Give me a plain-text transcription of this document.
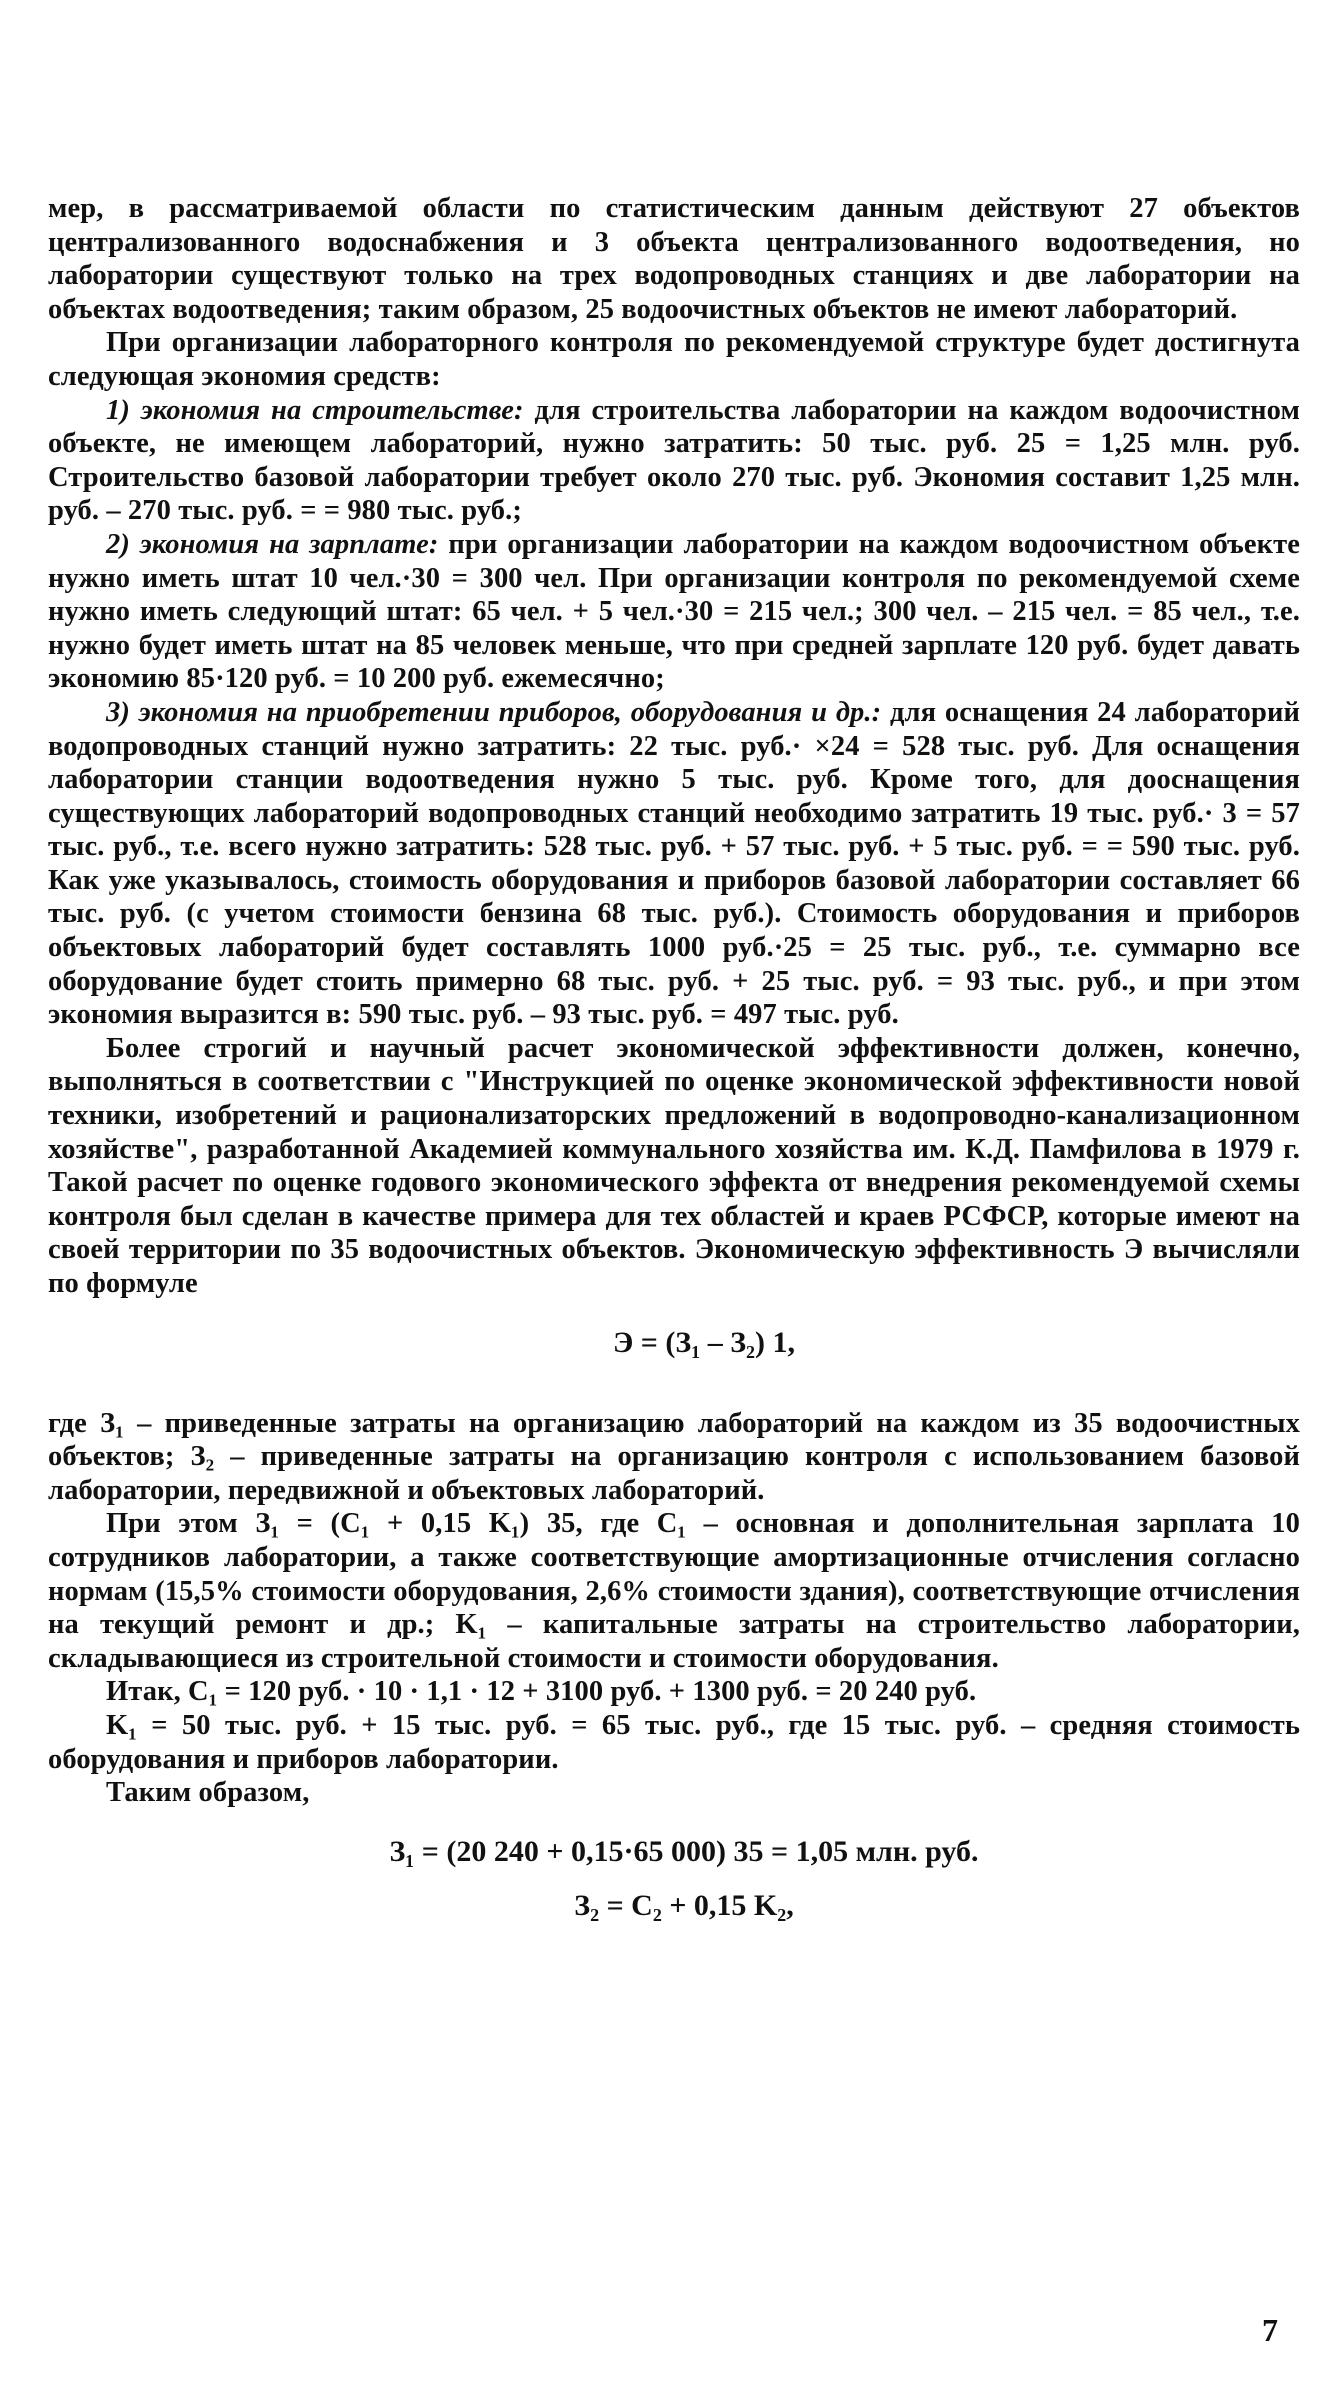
мер, в рассматриваемой области по статистическим данным действуют 27 объектов централизованного водоснабжения и 3 объекта централизованного водоотведения, но лаборатории существуют только на трех водопроводных станциях и две лаборатории на объектах водоотведения; таким образом, 25 водоочистных объектов не имеют лабораторий.

При организации лабораторного контроля по рекомендуемой структуре будет достигнута следующая экономия средств:

1) экономия на строительстве: для строительства лаборатории на каждом водоочистном объекте, не имеющем лабораторий, нужно затратить: 50 тыс. руб. 25 = 1,25 млн. руб. Строительство базовой лаборатории требует около 270 тыс. руб. Экономия составит 1,25 млн. руб. – 270 тыс. руб. = = 980 тыс. руб.;

2) экономия на зарплате: при организации лаборатории на каждом водоочистном объекте нужно иметь штат 10 чел.·30 = 300 чел. При организации контроля по рекомендуемой схеме нужно иметь следующий штат: 65 чел. + 5 чел.·30 = 215 чел.; 300 чел. – 215 чел. = 85 чел., т.е. нужно будет иметь штат на 85 человек меньше, что при средней зарплате 120 руб. будет давать экономию 85·120 руб. = 10 200 руб. ежемесячно;

3) экономия на приобретении приборов, оборудования и др.: для оснащения 24 лабораторий водопроводных станций нужно затратить: 22 тыс. руб.· ×24 = 528 тыс. руб. Для оснащения лаборатории станции водоотведения нужно 5 тыс. руб. Кроме того, для дооснащения существующих лабораторий водопроводных станций необходимо затратить 19 тыс. руб.· 3 = 57 тыс. руб., т.е. всего нужно затратить: 528 тыс. руб. + 57 тыс. руб. + 5 тыс. руб. = = 590 тыс. руб. Как уже указывалось, стоимость оборудования и приборов базовой лаборатории составляет 66 тыс. руб. (с учетом стоимости бензина 68 тыс. руб.). Стоимость оборудования и приборов объектовых лабораторий будет составлять 1000 руб.·25 = 25 тыс. руб., т.е. суммарно все оборудование будет стоить примерно 68 тыс. руб. + 25 тыс. руб. = 93 тыс. руб., и при этом экономия выразится в: 590 тыс. руб. – 93 тыс. руб. = 497 тыс. руб.

Более строгий и научный расчет экономической эффективности должен, конечно, выполняться в соответствии с "Инструкцией по оценке экономической эффективности новой техники, изобретений и рационализаторских предложений в водопроводно-канализационном хозяйстве", разработанной Академией коммунального хозяйства им. К.Д. Памфилова в 1979 г. Такой расчет по оценке годового экономического эффекта от внедрения рекомендуемой схемы контроля был сделан в качестве примера для тех областей и краев РСФСР, которые имеют на своей территории по 35 водоочистных объектов. Экономическую эффективность Э вычисляли по формуле

Э = (З₁ – З₂) 1,

где З₁ – приведенные затраты на организацию лабораторий на каждом из 35 водоочистных объектов; З₂ – приведенные затраты на организацию контроля с использованием базовой лаборатории, передвижной и объектовых лабораторий.

При этом З₁ = (С₁ + 0,15 K₁) 35, где С₁ – основная и дополнительная зарплата 10 сотрудников лаборатории, а также соответствующие амортизационные отчисления согласно нормам (15,5% стоимости оборудования, 2,6% стоимости здания), соответствующие отчисления на текущий ремонт и др.; K₁ – капитальные затраты на строительство лаборатории, складывающиеся из строительной стоимости и стоимости оборудования.

Итак, С₁ = 120 руб. · 10 · 1,1 · 12 + 3100 руб. + 1300 руб. = 20 240 руб.

K₁ = 50 тыс. руб. + 15 тыс. руб. = 65 тыс. руб., где 15 тыс. руб. – средняя стоимость оборудования и приборов лаборатории.

Таким образом,

З₁ = (20 240 + 0,15·65 000) 35 = 1,05 млн. руб.
З₂ = С₂ + 0,15 K₂,
7
